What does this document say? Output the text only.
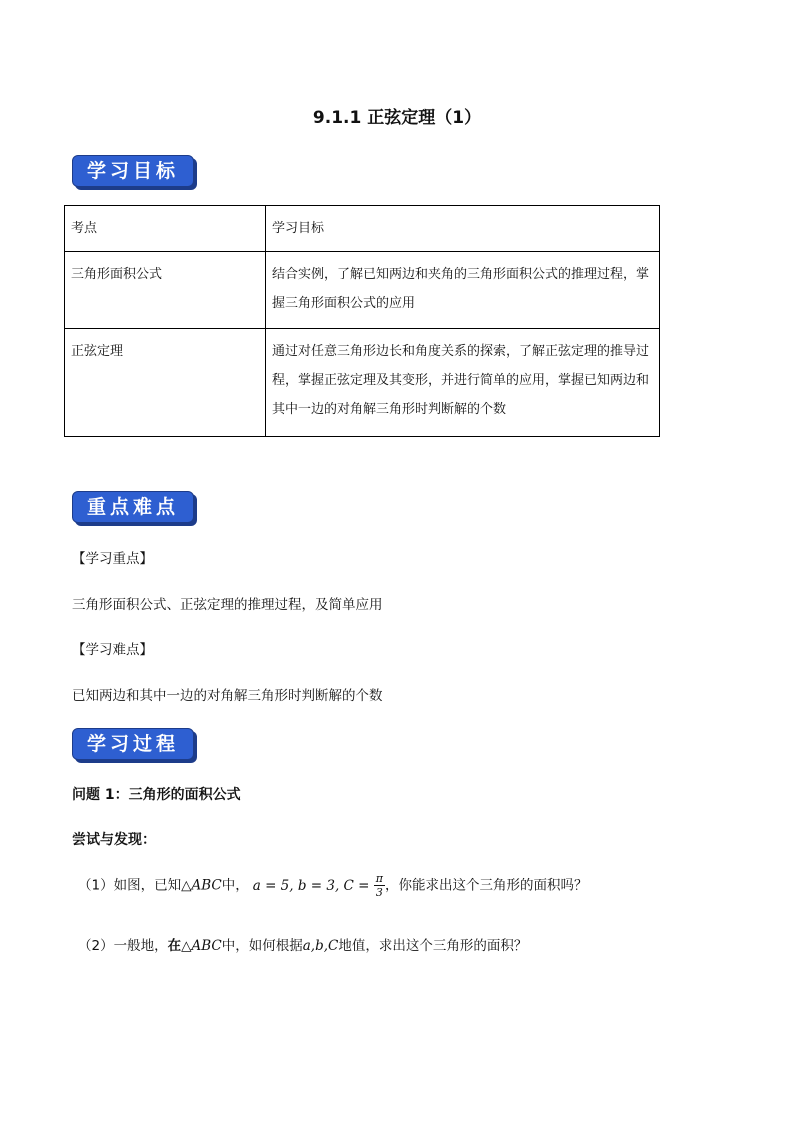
9.1.1 正弦定理（1）
学习目标
考点	学习目标
三角形面积公式	结合实例，了解已知两边和夹角的三角形面积公式的推理过程，掌握三角形面积公式的应用
正弦定理	通过对任意三角形边长和角度关系的探索，了解正弦定理的推导过程，掌握正弦定理及其变形，并进行简单的应用，掌握已知两边和其中一边的对角解三角形时判断解的个数
重点难点
【学习重点】
三角形面积公式、正弦定理的推理过程，及简单应用
【学习难点】
已知两边和其中一边的对角解三角形时判断解的个数
学习过程
问题 1：三角形的面积公式
尝试与发现：
（1）如图，已知△ABC中， a = 5, b = 3, $C = \frac{\pi}{3}$ ，你能求出这个三角形的面积吗？
（2）一般地，在△ABC中，如何根据a,b,C地值，求出这个三角形的面积？
